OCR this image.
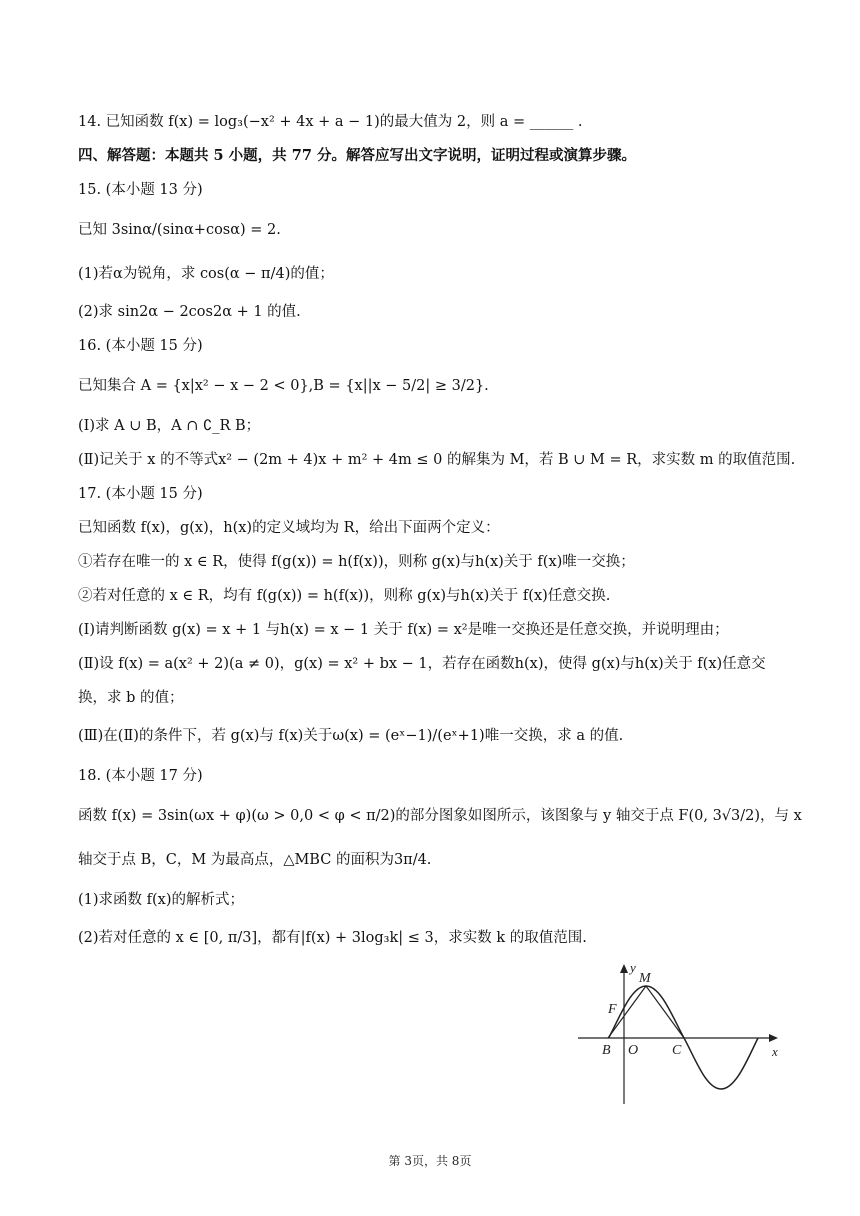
14. 已知函数 f(x) = log₃(−x² + 4x + a − 1)的最大值为 2，则 a = ______ .
四、解答题：本题共 5 小题，共 77 分。解答应写出文字说明，证明过程或演算步骤。
15. (本小题 13 分)
已知 3sinα/(sinα+cosα) = 2.
(1)若α为锐角，求 cos(α − π/4)的值；
(2)求 sin2α − 2cos2α + 1 的值.
16. (本小题 15 分)
已知集合 A = {x|x² − x − 2 < 0},B = {x||x − 5/2| ≥ 3/2}.
(Ⅰ)求 A ∪ B，A ∩ ∁_R B；
(Ⅱ)记关于 x 的不等式x² − (2m + 4)x + m² + 4m ≤ 0 的解集为 M，若 B ∪ M = R，求实数 m 的取值范围.
17. (本小题 15 分)
已知函数 f(x)，g(x)，h(x)的定义域均为 R，给出下面两个定义：
①若存在唯一的 x ∈ R，使得 f(g(x)) = h(f(x))，则称 g(x)与h(x)关于 f(x)唯一交换；
②若对任意的 x ∈ R，均有 f(g(x)) = h(f(x))，则称 g(x)与h(x)关于 f(x)任意交换.
(Ⅰ)请判断函数 g(x) = x + 1 与h(x) = x − 1 关于 f(x) = x²是唯一交换还是任意交换，并说明理由；
(Ⅱ)设 f(x) = a(x² + 2)(a ≠ 0)，g(x) = x² + bx − 1，若存在函数h(x)，使得 g(x)与h(x)关于 f(x)任意交
换，求 b 的值；
(Ⅲ)在(Ⅱ)的条件下，若 g(x)与 f(x)关于ω(x) = (eˣ−1)/(eˣ+1)唯一交换，求 a 的值.
18. (本小题 17 分)
函数 f(x) = 3sin(ωx + φ)(ω > 0,0 < φ < π/2)的部分图象如图所示，该图象与 y 轴交于点 F(0, 3√3/2)，与 x
轴交于点 B，C，M 为最高点，△MBC 的面积为3π/4.
(1)求函数 f(x)的解析式；
(2)若对任意的 x ∈ [0, π/3]，都有|f(x) + 3log₃k| ≤ 3，求实数 k 的取值范围.
y
M
F
B O C	x
第 3页，共 8页
